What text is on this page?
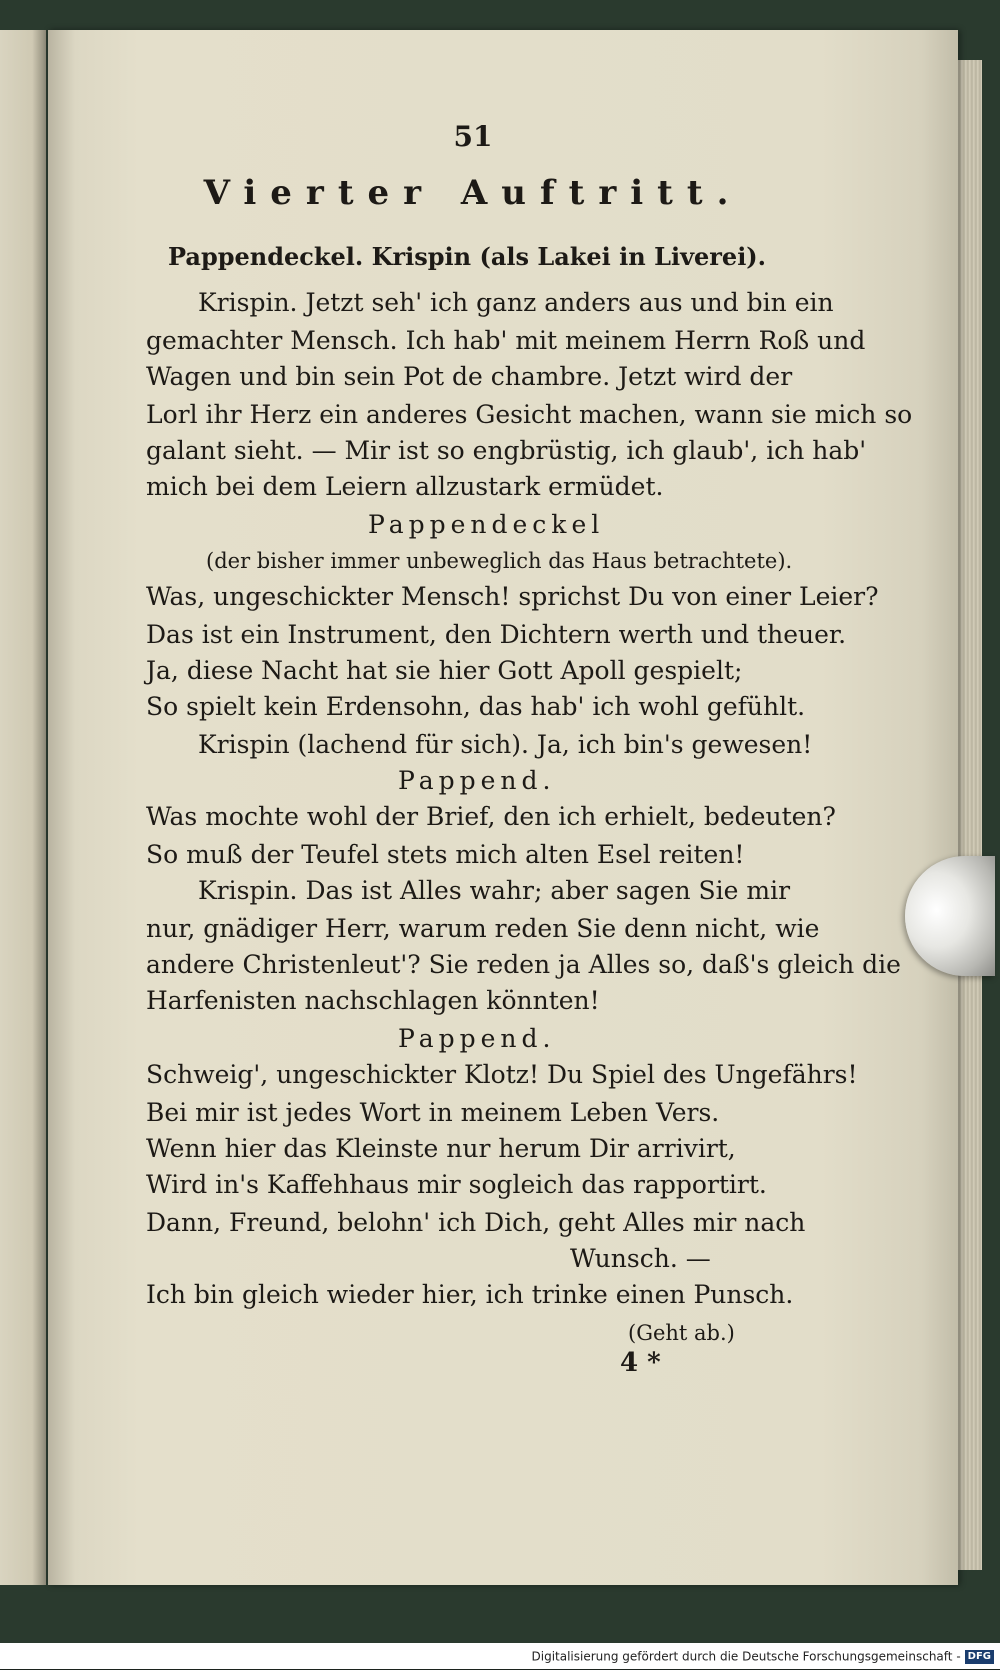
51
Vierter Auftritt.
Pappendeckel. Krispin (als Lakei in Liverei).
Krispin. Jetzt seh' ich ganz anders aus und bin ein
gemachter Mensch. Ich hab' mit meinem Herrn Roß und
Wagen und bin sein Pot de chambre. Jetzt wird der
Lorl ihr Herz ein anderes Gesicht machen, wann sie mich so
galant sieht. — Mir ist so engbrüstig, ich glaub', ich hab'
mich bei dem Leiern allzustark ermüdet.
Pappendeckel
(der bisher immer unbeweglich das Haus betrachtete).
Was, ungeschickter Mensch! sprichst Du von einer Leier?
Das ist ein Instrument, den Dichtern werth und theuer.
Ja, diese Nacht hat sie hier Gott Apoll gespielt;
So spielt kein Erdensohn, das hab' ich wohl gefühlt.
Krispin (lachend für sich). Ja, ich bin's gewesen!
Pappend.
Was mochte wohl der Brief, den ich erhielt, bedeuten?
So muß der Teufel stets mich alten Esel reiten!
Krispin. Das ist Alles wahr; aber sagen Sie mir
nur, gnädiger Herr, warum reden Sie denn nicht, wie
andere Christenleut'? Sie reden ja Alles so, daß's gleich die
Harfenisten nachschlagen könnten!
Pappend.
Schweig', ungeschickter Klotz! Du Spiel des Ungefährs!
Bei mir ist jedes Wort in meinem Leben Vers.
Wenn hier das Kleinste nur herum Dir arrivirt,
Wird in's Kaffehhaus mir sogleich das rapportirt.
Dann, Freund, belohn' ich Dich, geht Alles mir nach
Wunsch. —
Ich bin gleich wieder hier, ich trinke einen Punsch.
(Geht ab.)
4 *
Digitalisierung gefördert durch die Deutsche Forschungsgemeinschaft - DFG
